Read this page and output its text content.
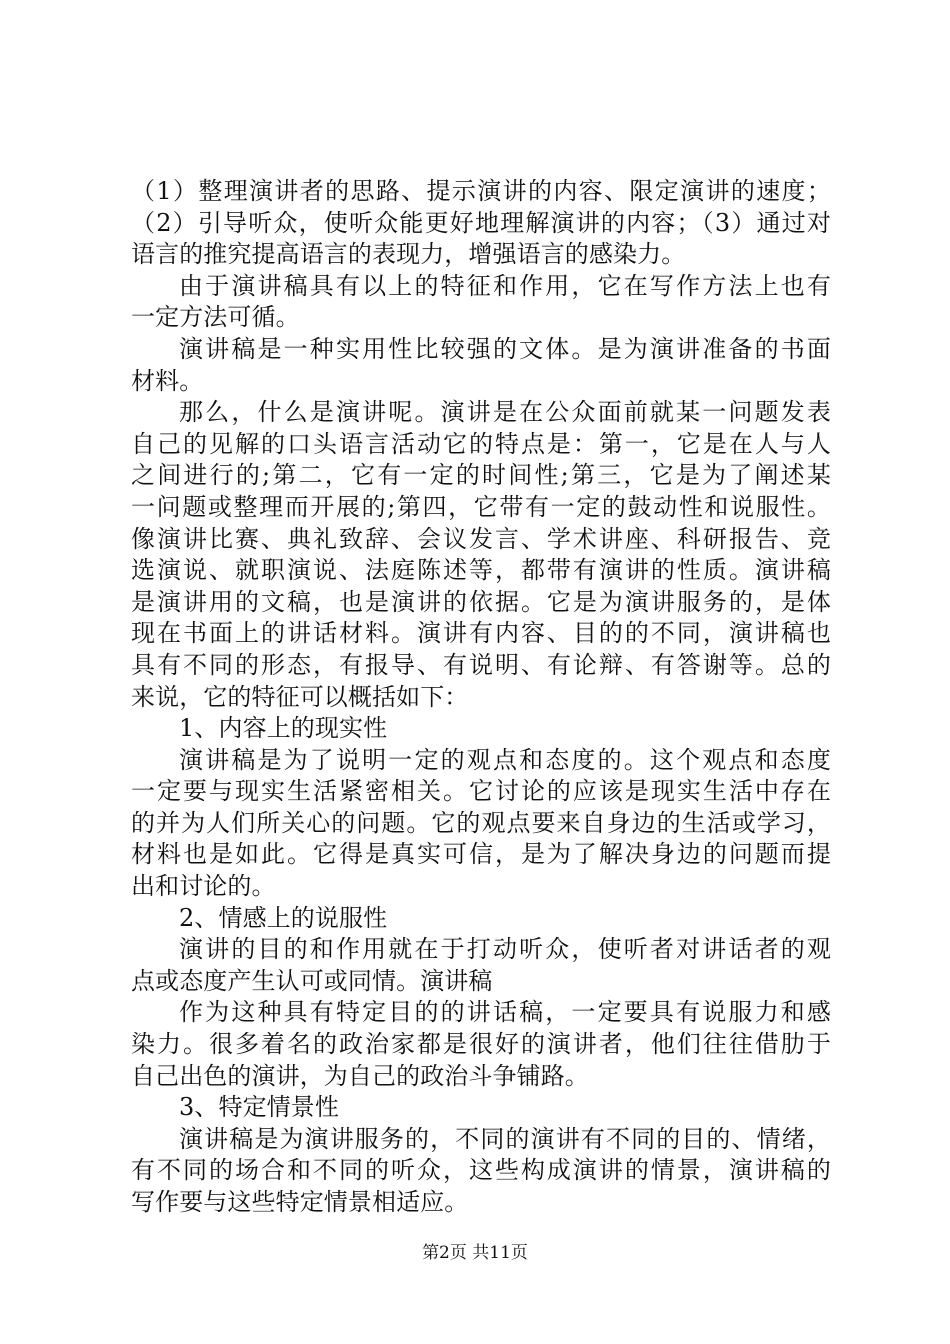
（1）整理演讲者的思路、提示演讲的内容、限定演讲的速度；
（2）引导听众，使听众能更好地理解演讲的内容；（3）通过对
语言的推究提高语言的表现力，增强语言的感染力。
由于演讲稿具有以上的特征和作用，它在写作方法上也有
一定方法可循。
演讲稿是一种实用性比较强的文体。是为演讲准备的书面
材料。
那么，什么是演讲呢。演讲是在公众面前就某一问题发表
自己的见解的口头语言活动它的特点是：第一，它是在人与人
之间进行的;第二，它有一定的时间性;第三，它是为了阐述某
一问题或整理而开展的;第四，它带有一定的鼓动性和说服性。
像演讲比赛、典礼致辞、会议发言、学术讲座、科研报告、竞
选演说、就职演说、法庭陈述等，都带有演讲的性质。演讲稿
是演讲用的文稿，也是演讲的依据。它是为演讲服务的，是体
现在书面上的讲话材料。演讲有内容、目的的不同，演讲稿也
具有不同的形态，有报导、有说明、有论辩、有答谢等。总的
来说，它的特征可以概括如下：
1、内容上的现实性
演讲稿是为了说明一定的观点和态度的。这个观点和态度
一定要与现实生活紧密相关。它讨论的应该是现实生活中存在
的并为人们所关心的问题。它的观点要来自身边的生活或学习，
材料也是如此。它得是真实可信，是为了解决身边的问题而提
出和讨论的。
2、情感上的说服性
演讲的目的和作用就在于打动听众，使听者对讲话者的观
点或态度产生认可或同情。演讲稿
作为这种具有特定目的的讲话稿，一定要具有说服力和感
染力。很多着名的政治家都是很好的演讲者，他们往往借肋于
自己出色的演讲，为自己的政治斗争铺路。
3、特定情景性
演讲稿是为演讲服务的，不同的演讲有不同的目的、情绪，
有不同的场合和不同的听众，这些构成演讲的情景，演讲稿的
写作要与这些特定情景相适应。
第2页 共11页
